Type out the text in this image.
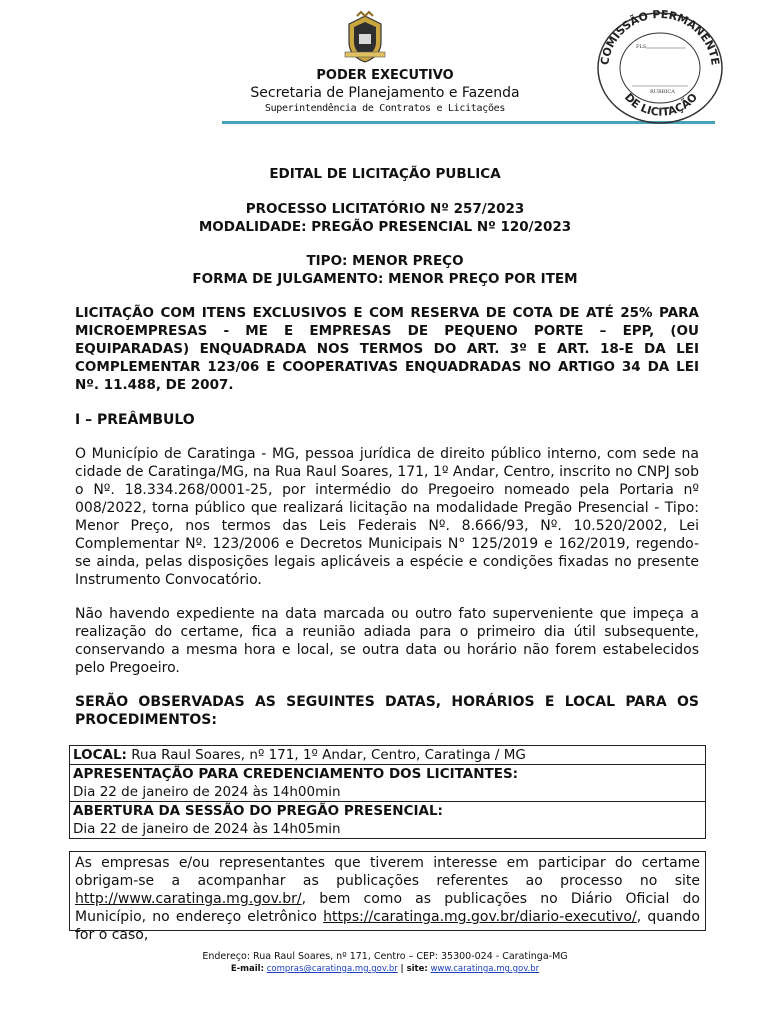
PODER EXECUTIVO
Secretaria de Planejamento e Fazenda
Superintendência de Contratos e Licitações
COMISSÃO PERMANENTE
DE LICITAÇÃO
FLS
RUBRICA
EDITAL DE LICITAÇÃO PUBLICA
PROCESSO LICITATÓRIO Nº 257/2023
MODALIDADE: PREGÃO PRESENCIAL Nº 120/2023
TIPO: MENOR PREÇO
FORMA DE JULGAMENTO: MENOR PREÇO POR ITEM
LICITAÇÃO COM ITENS EXCLUSIVOS E COM RESERVA DE COTA DE ATÉ 25% PARA MICROEMPRESAS - ME E EMPRESAS DE PEQUENO PORTE – EPP, (OU EQUIPARADAS) ENQUADRADA NOS TERMOS DO ART. 3º E ART. 18-E DA LEI COMPLEMENTAR 123/06 E COOPERATIVAS ENQUADRADAS NO ARTIGO 34 DA LEI Nº. 11.488, DE 2007.
I – PREÂMBULO
O Município de Caratinga - MG, pessoa jurídica de direito público interno, com sede na cidade de Caratinga/MG, na Rua Raul Soares, 171, 1º Andar, Centro, inscrito no CNPJ sob o Nº. 18.334.268/0001-25, por intermédio do Pregoeiro nomeado pela Portaria nº 008/2022, torna público que realizará licitação na modalidade Pregão Presencial - Tipo: Menor Preço, nos termos das Leis Federais Nº. 8.666/93, Nº. 10.520/2002, Lei Complementar Nº. 123/2006 e Decretos Municipais N° 125/2019 e 162/2019, regendo-se ainda, pelas disposições legais aplicáveis a espécie e condições fixadas no presente Instrumento Convocatório.
Não havendo expediente na data marcada ou outro fato superveniente que impeça a realização do certame, fica a reunião adiada para o primeiro dia útil subsequente, conservando a mesma hora e local, se outra data ou horário não forem estabelecidos pelo Pregoeiro.
SERÃO OBSERVADAS AS SEGUINTES DATAS, HORÁRIOS E LOCAL PARA OS PROCEDIMENTOS:
LOCAL: Rua Raul Soares, nº 171, 1º Andar, Centro, Caratinga / MG

APRESENTAÇÃO PARA CREDENCIAMENTO DOS LICITANTES:
Dia 22 de janeiro de 2024 às 14h00min

ABERTURA DA SESSÃO DO PREGÃO PRESENCIAL:
Dia 22 de janeiro de 2024 às 14h05min
As empresas e/ou representantes que tiverem interesse em participar do certame obrigam-se a acompanhar as publicações referentes ao processo no site http://www.caratinga.mg.gov.br/, bem como as publicações no Diário Oficial do Município, no endereço eletrônico https://caratinga.mg.gov.br/diario-executivo/, quando for o caso,
Endereço: Rua Raul Soares, nº 171, Centro – CEP: 35300-024 - Caratinga-MG
E-mail: compras@caratinga.mg.gov.br | site: www.caratinga.mg.gov.br
